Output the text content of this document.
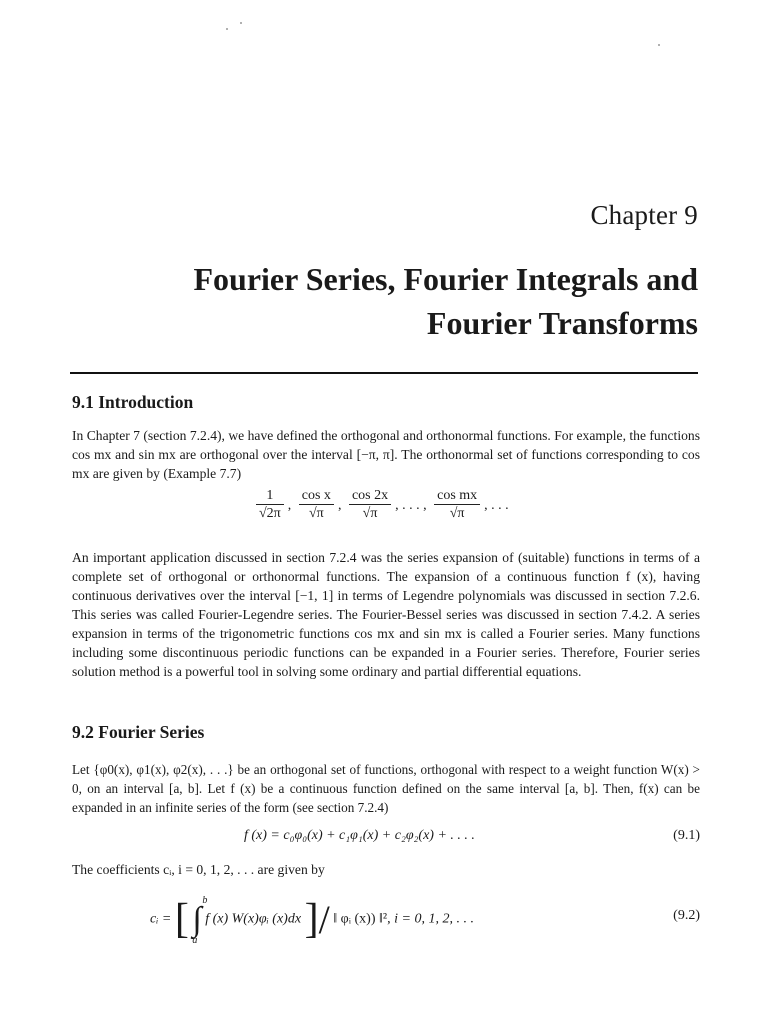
Chapter 9
Fourier Series, Fourier Integrals and
Fourier Transforms
9.1 Introduction
In Chapter 7 (section 7.2.4), we have defined the orthogonal and orthonormal functions. For example, the functions cos mx and sin mx are orthogonal over the interval [−π, π]. The orthonormal set of functions corresponding to cos mx are given by (Example 7.7)
$\frac{1}{√2\pi}$ , $\frac{\text{cos x}}{√\pi}$ , $\frac{\cos 2x}{√\pi}$ , . . . , $\frac{\text{cos mx}}{√\pi}$ , . . .
An important application discussed in section 7.2.4 was the series expansion of (suitable) functions in terms of a complete set of orthogonal or orthonormal functions. The expansion of a continuous function f (x), having continuous derivatives over the interval [−1, 1] in terms of Legendre polynomials was discussed in section 7.2.6. This series was called Fourier-Legendre series. The Fourier-Bessel series was discussed in section 7.4.2. A series expansion in terms of the trigonometric functions cos mx and sin mx is called a Fourier series. Many functions including some discontinuous periodic functions can be expanded in a Fourier series. Therefore, Fourier series solution method is a powerful tool in solving some ordinary and partial differential equations.
9.2 Fourier Series
Let {φ0(x), φ1(x), φ2(x), . . .} be an orthogonal set of functions, orthogonal with respect to a weight function W(x) > 0, on an interval [a, b]. Let f (x) be a continuous function defined on the same interval [a, b]. Then, f(x) can be expanded in an infinite series of the form (see section 7.2.4)
f (x) = c₀φ₀(x) + c₁φ₁(x) + c₂φ₂(x) + . . . .	(9.1)
The coefficients cᵢ, i = 0, 1, 2, . . . are given by
cᵢ = [ ∫
b
a
f (x) W(x)φᵢ (x)dx ]/ ‖ φᵢ (x)) ‖², i = 0, 1, 2, . . .	(9.2)
